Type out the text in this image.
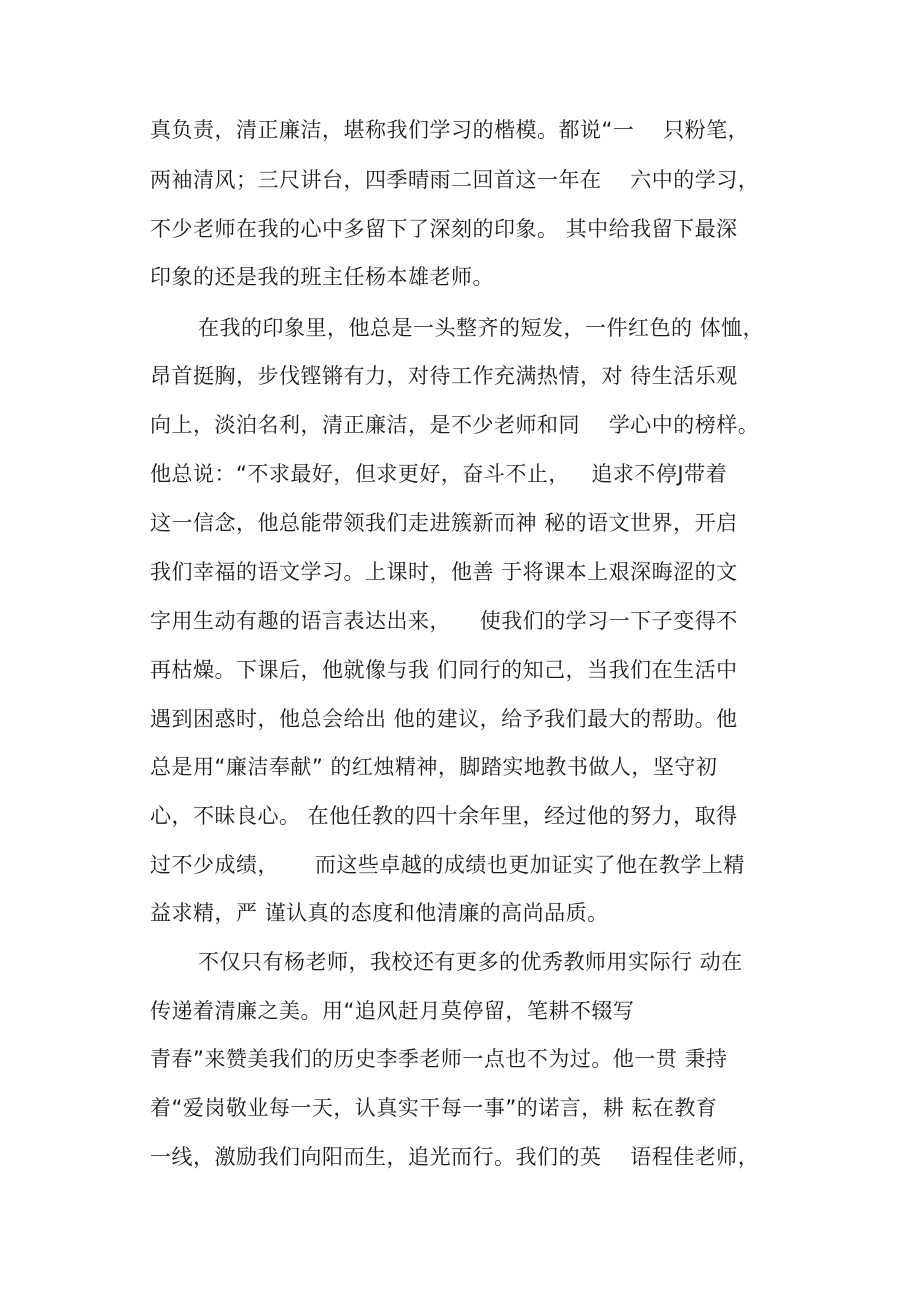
真负责，清正廉洁，堪称我们学习的楷模。都说“一    只粉笔，
两袖清风；三尺讲台，四季晴雨二回首这一年在    六中的学习，
不少老师在我的心中多留下了深刻的印象。 其中给我留下最深
印象的还是我的班主任杨本雄老师。
在我的印象里，他总是一头整齐的短发，一件红色的 体恤，
昂首挺胸，步伐铿锵有力，对待工作充满热情，对 待生活乐观
向上，淡泊名利，清正廉洁，是不少老师和同    学心中的榜样。
他总说：“不求最好，但求更好，奋斗不止，   追求不停J带着
这一信念，他总能带领我们走进簇新而神 秘的语文世界，开启
我们幸福的语文学习。上课时，他善 于将课本上艰深晦涩的文
字用生动有趣的语言表达出来，    使我们的学习一下子变得不
再枯燥。下课后，他就像与我 们同行的知己，当我们在生活中
遇到困惑时，他总会给出 他的建议，给予我们最大的帮助。他
总是用“廉洁奉献” 的红烛精神，脚踏实地教书做人，坚守初
心，不昧良心。 在他任教的四十余年里，经过他的努力，取得
过不少成绩，     而这些卓越的成绩也更加证实了他在教学上精
益求精，严 谨认真的态度和他清廉的高尚品质。
不仅只有杨老师，我校还有更多的优秀教师用实际行 动在
传递着清廉之美。用“追风赶月莫停留，笔耕不辍写
青春”来赞美我们的历史李季老师一点也不为过。他一贯 秉持
着“爱岗敬业每一天，认真实干每一事”的诺言，耕 耘在教育
一线，激励我们向阳而生，追光而行。我们的英    语程佳老师，
